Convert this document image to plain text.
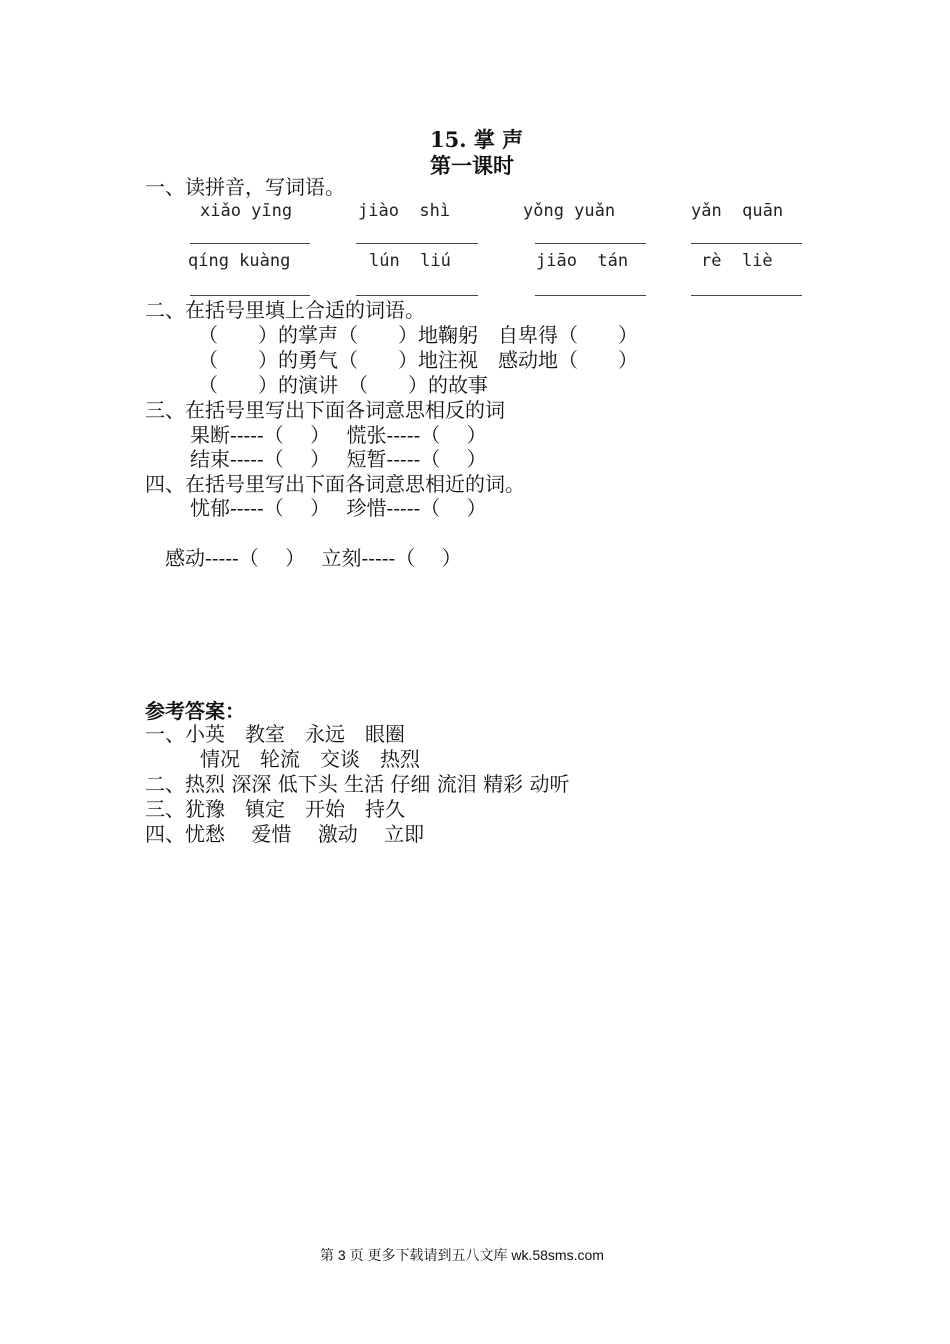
15. 掌 声
第一课时
一、读拼音，写词语。
xiǎo yīng	jiào  shì	yǒng yuǎn	yǎn  quān
qíng kuàng	lún  liú	jiāo  tán	rè  liè
二、在括号里填上合适的词语。
（　　）的掌声（　　）地鞠躬　自卑得（　　）
（　　）的勇气（　　）地注视　感动地（　　）
（　　）的演讲　（　　）的故事
三、在括号里写出下面各词意思相反的词
果断-----（　 ）　 慌张-----（　 ）
结束-----（　 ）　 短暂-----（　 ）
四、在括号里写出下面各词意思相近的词。
忧郁-----（　 ）　 珍惜-----（　 ）
感动-----（　 ）　 立刻-----（　 ）
参考答案：
一、小英　教室　永远　眼圈
情况　轮流　交谈　热烈
二、热烈 深深 低下头 生活 仔细 流泪 精彩 动听
三、犹豫　镇定　开始　持久
四、忧愁　 爱惜　 激动　 立即
第 3 页 更多下载请到五八文库 wk.58sms.com
